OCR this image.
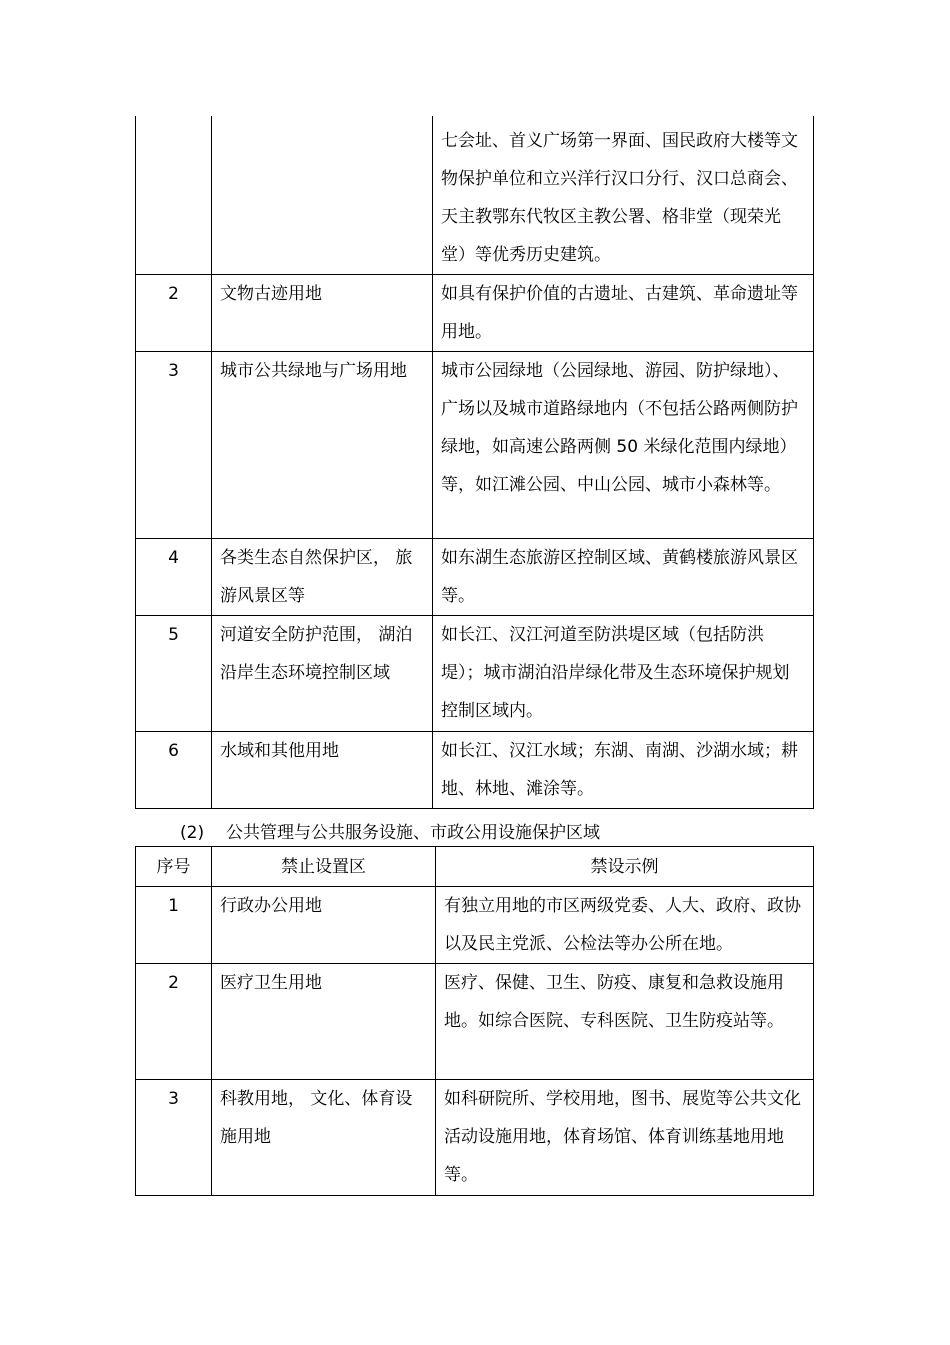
		七会址、首义广场第一界面、国民政府大楼等文物保护单位和立兴洋行汉口分行、汉口总商会、天主教鄂东代牧区主教公署、格非堂（现荣光堂）等优秀历史建筑。
2	文物古迹用地	如具有保护价值的古遗址、古建筑、革命遗址等用地。
3	城市公共绿地与广场用地	城市公园绿地（公园绿地、游园、防护绿地）、广场以及城市道路绿地内（不包括公路两侧防护绿地，如高速公路两侧 50 米绿化范围内绿地）等，如江滩公园、中山公园、城市小森林等。
4	各类生态自然保护区， 旅游风景区等	如东湖生态旅游区控制区域、黄鹤楼旅游风景区等。
5	河道安全防护范围， 湖泊沿岸生态环境控制区域	如长江、汉江河道至防洪堤区域（包括防洪堤）；城市湖泊沿岸绿化带及生态环境保护规划控制区域内。
6	水域和其他用地	如长江、汉江水域；东湖、南湖、沙湖水域；耕地、林地、滩涂等。
(2) 公共管理与公共服务设施、市政公用设施保护区域
序号	禁止设置区	禁设示例
1	行政办公用地	有独立用地的市区两级党委、人大、政府、政协以及民主党派、公检法等办公所在地。
2	医疗卫生用地	医疗、保健、卫生、防疫、康复和急救设施用地。如综合医院、专科医院、卫生防疫站等。
3	科教用地， 文化、体育设施用地	如科研院所、学校用地，图书、展览等公共文化活动设施用地，体育场馆、体育训练基地用地等。
